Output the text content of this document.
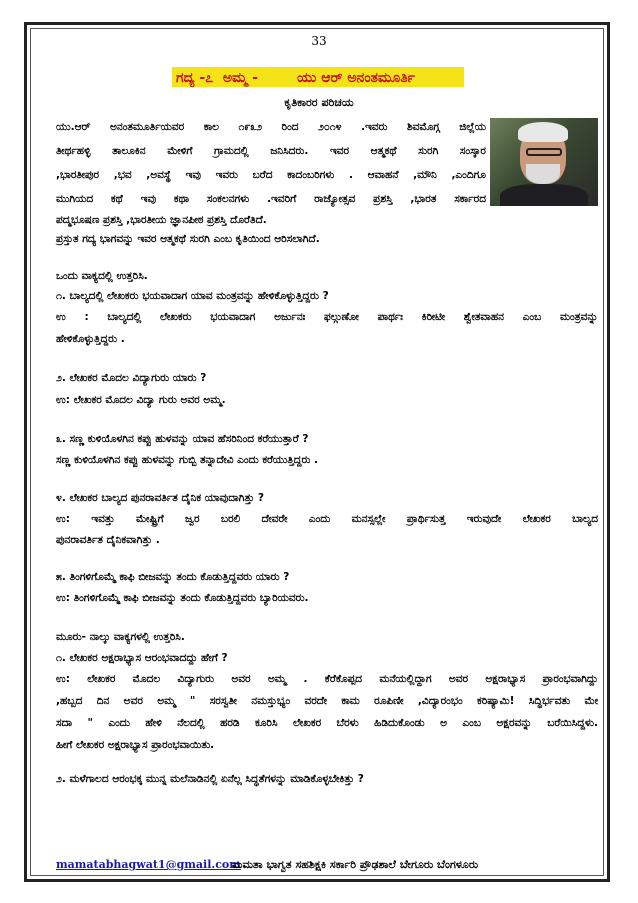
33
ಗದ್ಯ -೭  ಅಮ್ಮ -        ಯು ಆರ್ ಅನಂತಮೂರ್ತಿ
ಕೃತಿಕಾರರ ಪರಿಚಯ
ಯು.ಆರ್ ಅನಂತಮೂರ್ತಿಯವರ ಕಾಲ ೧೯೩೨ ರಿಂದ ೨೦೧೪ .ಇವರು ಶಿವಮೊಗ್ಗ ಜಿಲ್ಲೆಯ
ತೀರ್ಥಹಳ್ಳಿ ತಾಲೂಕಿನ ಮೇಳಿಗೆ ಗ್ರಾಮದಲ್ಲಿ ಜನಿಸಿದರು. ಇವರ ಆತ್ಮಕಥೆ ಸುರಗಿ ಸಂಸ್ಕಾರ
,ಭಾರತೀಪುರ ,ಭವ ,ಅವಸ್ಥೆ ಇವು ಇವರು ಬರೆದ ಕಾದಂಬರಿಗಳು . ಆವಾಹನೆ ,ಮೌನಿ ,ಎಂದಿಗೂ
ಮುಗಿಯದ ಕಥೆ ಇವು ಕಥಾ ಸಂಕಲನಗಳು .ಇವರಿಗೆ ರಾಜ್ಯೋತ್ಸವ ಪ್ರಶಸ್ತಿ ,ಭಾರತ ಸರ್ಕಾರದ
ಪದ್ಮಭೂಷಣ ಪ್ರಶಸ್ತಿ ,ಭಾರತೀಯ ಜ್ಞಾನಪೀಠ ಪ್ರಶಸ್ತಿ ದೊರೆತಿದೆ.
ಪ್ರಸ್ತುತ ಗದ್ಯ ಭಾಗವನ್ನು ಇವರ ಆತ್ಮಕಥೆ ಸುರಗಿ ಎಂಬ ಕೃತಿಯಿಂದ ಆರಿಸಲಾಗಿದೆ.
ಒಂದು ವಾಕ್ಯದಲ್ಲಿ ಉತ್ತರಿಸಿ.
೧. ಬಾಲ್ಯದಲ್ಲಿ ಲೇಖಕರು ಭಯವಾದಾಗ ಯಾವ ಮಂತ್ರವನ್ನು ಹೇಳಿಕೊಳ್ಳುತ್ತಿದ್ದರು ?
ಉ : ಬಾಲ್ಯದಲ್ಲಿ ಲೇಖಕರು ಭಯವಾದಾಗ ಅರ್ಜುನಃ ಫಲ್ಗುಣೋ ಪಾರ್ಥಃ ಕಿರೀಟೀ ಶ್ವೇತವಾಹನ ಎಂಬ ಮಂತ್ರವನ್ನು
ಹೇಳಿಕೊಳ್ಳುತ್ತಿದ್ದರು .
೨. ಲೇಖಕರ ಮೊದಲ ವಿದ್ಯಾಗುರು ಯಾರು ?
ಉ: ಲೇಖಕರ ಮೊದಲ ವಿದ್ಯಾ ಗುರು ಅವರ ಅಮ್ಮ.
೩. ಸಣ್ಣ ಕುಳಿಯೊಳಗಿನ ಕಪ್ಪು ಹುಳವನ್ನು ಯಾವ ಹೆಸರಿನಿಂದ ಕರೆಯುತ್ತಾರೆ ?
ಸಣ್ಣ ಕುಳಿಯೊಳಗಿನ ಕಪ್ಪು ಹುಳವನ್ನು ಗುಬ್ಬಿ ತನ್ನಾದೇವಿ ಎಂದು ಕರೆಯುತ್ತಿದ್ದರು .
೪. ಲೇಖಕರ ಬಾಲ್ಯದ ಪುನರಾವರ್ತಿತ ದೈನಿಕ ಯಾವುದಾಗಿತ್ತು ?
ಉ: ಇವತ್ತು ಮೇಷ್ಟ್ರಿಗೆ ಜ್ವರ ಬರಲಿ ದೇವರೇ ಎಂದು ಮನಸ್ಸಲ್ಲೇ ಪ್ರಾರ್ಥಿಸುತ್ತ ಇರುವುದೇ ಲೇಖಕರ ಬಾಲ್ಯದ
ಪುನರಾವರ್ತಿತ ದೈನಿಕವಾಗಿತ್ತು .
೫. ತಿಂಗಳಿಗೊಮ್ಮೆ ಕಾಫಿ ಬೀಜವನ್ನು ತಂದು ಕೊಡುತ್ತಿದ್ದವರು ಯಾರು ?
ಉ: ತಿಂಗಳಿಗೊಮ್ಮೆ ಕಾಫಿ ಬೀಜವನ್ನು ತಂದು ಕೊಡುತ್ತಿದ್ದವರು ಬ್ಯಾರಿಯವರು.
ಮೂರು- ನಾಲ್ಕು ವಾಕ್ಯಗಳಲ್ಲಿ ಉತ್ತರಿಸಿ.
೧. ಲೇಖಕರ ಅಕ್ಷರಾಭ್ಯಾಸ ಆರಂಭವಾದದ್ದು ಹೇಗೆ ?
ಉ: ಲೇಖಕರ ಮೊದಲ ವಿದ್ಯಾಗುರು ಅವರ ಅಮ್ಮ . ಕೆರೆಕೊಪ್ಪದ ಮನೆಯಲ್ಲಿದ್ದಾಗ ಅವರ ಅಕ್ಷರಾಭ್ಯಾಸ ಪ್ರಾರಂಭವಾಗಿದ್ದು
,ಹಬ್ಬದ ದಿನ ಅವರ ಅಮ್ಮ " ಸರಸ್ವತೀ ನಮಸ್ತುಭ್ಯಂ ವರದೇ ಕಾಮ ರೂಪಿಣೀ ,ವಿದ್ಯಾರಂಭಂ ಕರಿಷ್ಯಾಮಿ! ಸಿದ್ಧಿರ್ಭವತು ಮೇ
ಸದಾ " ಎಂದು ಹೇಳಿ ನೆಲದಲ್ಲಿ ಹರಡಿ ಕೂರಿಸಿ ಲೇಖಕರ ಬೆರಳು ಹಿಡಿದುಕೊಂಡು ಅ ಎಂಬ ಅಕ್ಷರವನ್ನು ಬರೆಯಿಸಿದ್ದಳು.
ಹೀಗೆ ಲೇಖಕರ ಅಕ್ಷರಾಭ್ಯಾಸ ಪ್ರಾರಂಭವಾಯಿತು.
೨. ಮಳೆಗಾಲದ ಆರಂಭಕ್ಕ ಮುನ್ನ ಮಲೆನಾಡಿನಲ್ಲಿ ಏನೆಲ್ಲ ಸಿದ್ಧತೆಗಳನ್ನು ಮಾಡಿಕೊಳ್ಳಬೇಕಿತ್ತು ?
mamatabhagwat1@gmail.com
ಮಮತಾ ಭಾಗ್ವತ ಸಹಶಿಕ್ಷಕಿ ಸರ್ಕಾರಿ ಪ್ರೌಢಶಾಲೆ ಬೇಗೂರು ಬೆಂಗಳೂರು
